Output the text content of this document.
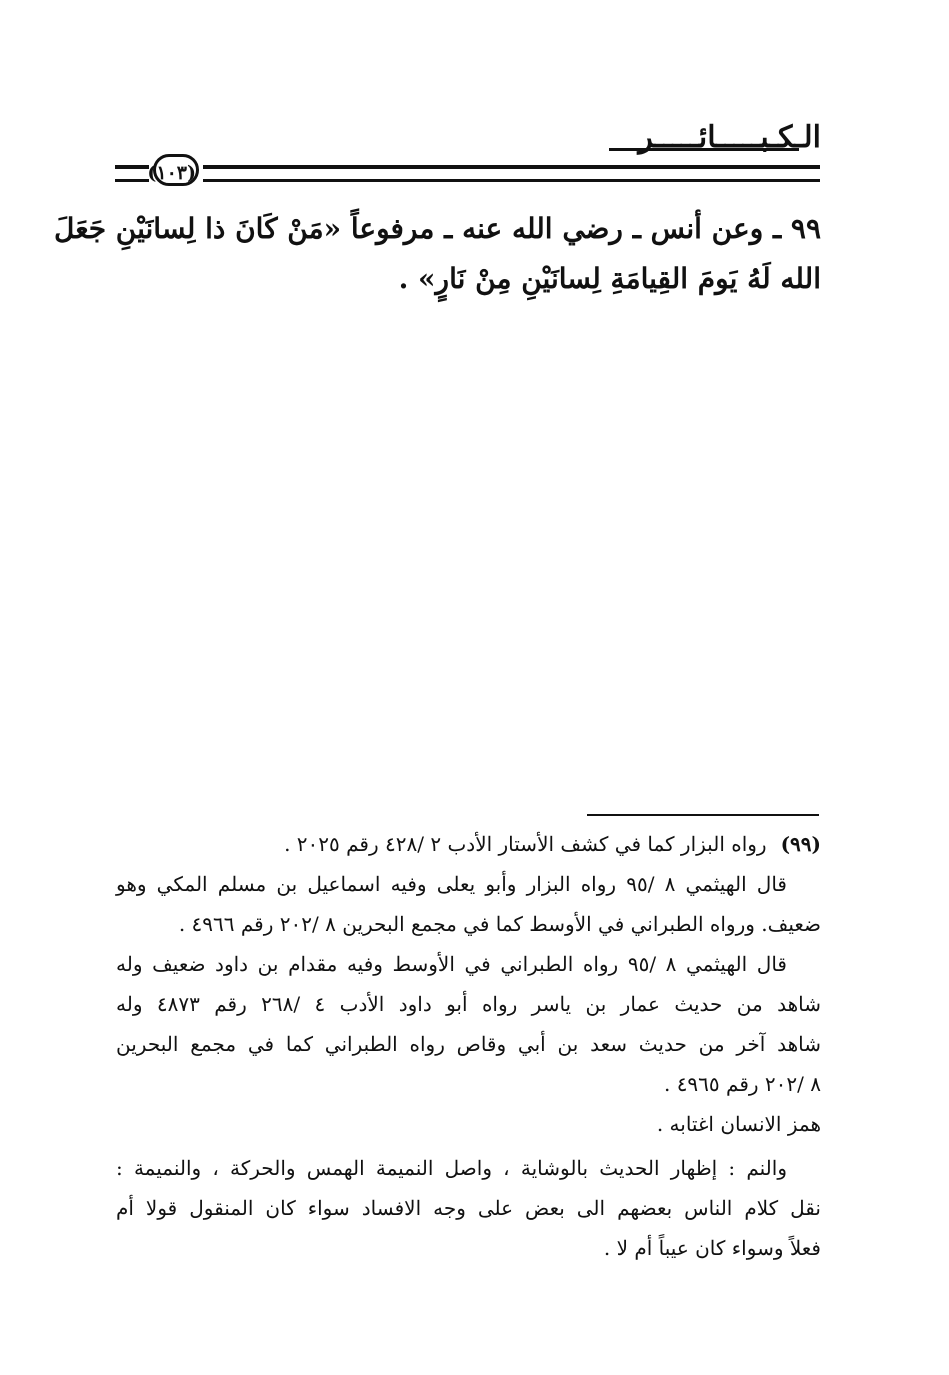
الـكـبـــــائـــــر
(١٠٣)
٩٩ ـ وعن أنس ـ رضي الله عنه ـ مرفوعاً «مَنْ كَانَ ذا لِسانَيْنِ جَعَلَ
الله لَهُ يَومَ القِيامَةِ لِسانَيْنِ مِنْ نَارٍ» .
(٩٩)رواه البزار كما في كشف الأستار الأدب ٢ /٤٢٨ رقم ٢٠٢٥ .
قال الهيثمي ٨ /٩٥ رواه البزار وأبو يعلى وفيه اسماعيل بن مسلم المكي وهو
ضعيف. ورواه الطبراني في الأوسط كما في مجمع البحرين ٨ /٢٠٢ رقم ٤٩٦٦ .
قال الهيثمي ٨ /٩٥ رواه الطبراني في الأوسط وفيه مقدام بن داود ضعيف وله
شاهد من حديث عمار بن ياسر رواه أبو داود الأدب ٤ /٢٦٨ رقم ٤٨٧٣ وله
شاهد آخر من حديث سعد بن أبي وقاص رواه الطبراني كما في مجمع البحرين
٨ /٢٠٢ رقم ٤٩٦٥ .
همز الانسان اغتابه .
والنم : إظهار الحديث بالوشاية ، واصل النميمة الهمس والحركة ، والنميمة :
نقل كلام الناس بعضهم الى بعض على وجه الافساد سواء كان المنقول قولا أم
فعلاً وسواء كان عيباً أم لا .
